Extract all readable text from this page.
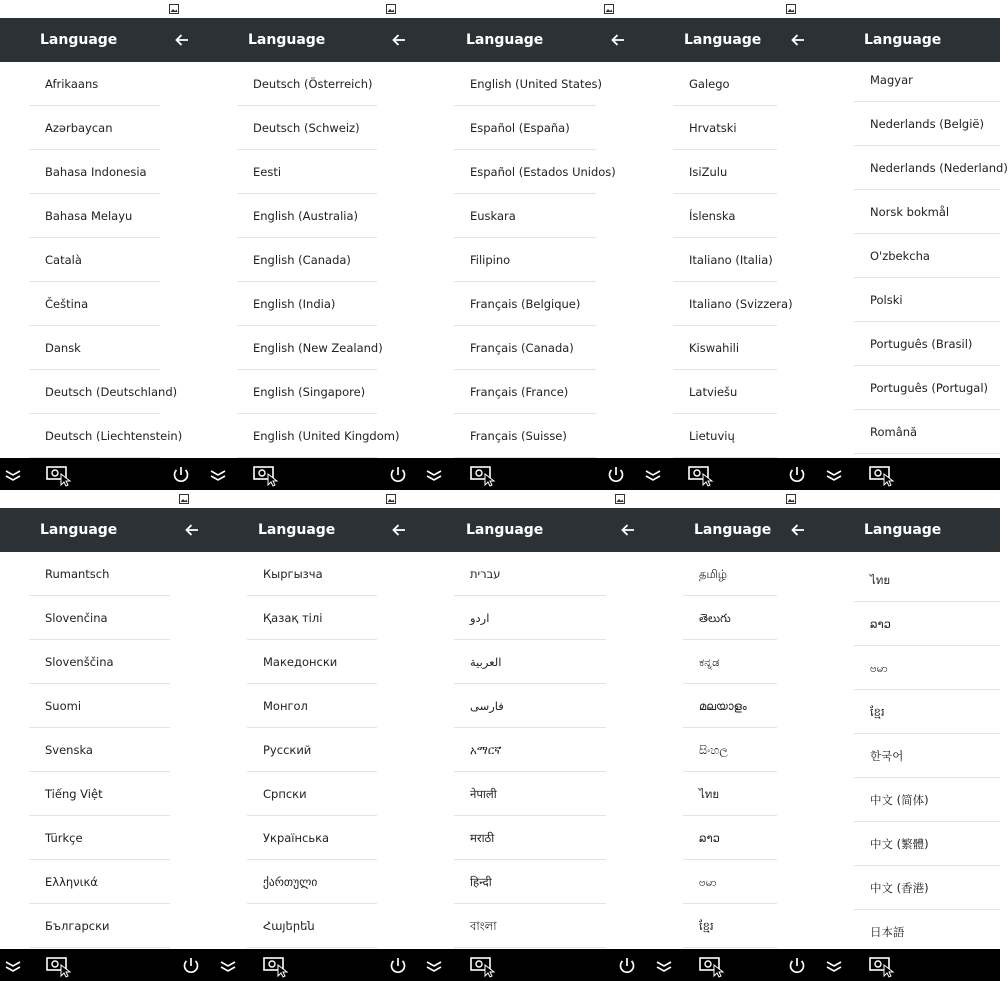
Language	Language	Language	Language	Language
Afrikaans
Azərbaycan
Bahasa Indonesia
Bahasa Melayu
Català
Čeština
Dansk
Deutsch (Deutschland)
Deutsch (Liechtenstein)
Deutsch (Österreich)
Deutsch (Schweiz)
Eesti
English (Australia)
English (Canada)
English (India)
English (New Zealand)
English (Singapore)
English (United Kingdom)
English (United States)
Español (España)
Español (Estados Unidos)
Euskara
Filipino
Français (Belgique)
Français (Canada)
Français (France)
Français (Suisse)
Galego
Hrvatski
IsiZulu
Íslenska
Italiano (Italia)
Italiano (Svizzera)
Kiswahili
Latviešu
Lietuvių
Magyar
Nederlands (België)
Nederlands (Nederland)
Norsk bokmål
O'zbekcha
Polski
Português (Brasil)
Português (Portugal)
Română
Language	Language	Language	Language	Language
Rumantsch
Slovenčina
Slovenščina
Suomi
Svenska
Tiếng Việt
Türkçe
Ελληνικά
Български
Кыргызча
Қазақ тілі
Македонски
Монгол
Русский
Српски
Українська
ქართული
Հայերեն
עברית
اردو
العربية
فارسی
አማርኛ
नेपाली
मराठी
हिन्दी
বাংলা
தமிழ்
తెలుగు
ಕನ್ನಡ
മലയാളം
සිංහල
ไทย
ລາວ
ဗမာ
ខ្មែរ
ไทย
ລາວ
ဗမာ
ខ្មែរ
한국어
中文 (简体)
中文 (繁體)
中文 (香港)
日本語
